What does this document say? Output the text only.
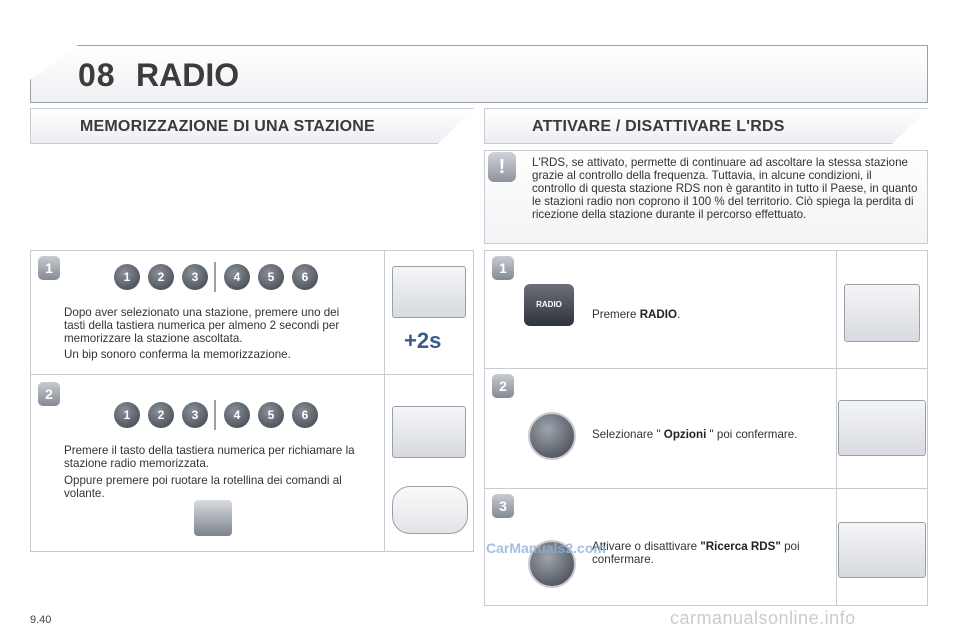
08 RADIO
MEMORIZZAZIONE DI UNA STAZIONE	ATTIVARE / DISATTIVARE L'RDS
!	L'RDS, se attivato, permette di continuare ad ascoltare la stessa stazione grazie al controllo della frequenza. Tuttavia, in alcune condizioni, il controllo di questa stazione RDS non è garantito in tutto il Paese, in quanto le stazioni radio non coprono il 100 % del territorio. Ciò spiega la perdita di ricezione della stazione durante il percorso effettuato.
1
1	2	3	4	5	6
Dopo aver selezionato una stazione, premere uno dei tasti della tastiera numerica per almeno 2 secondi per memorizzare la stazione ascoltata.
Un bip sonoro conferma la memorizzazione.
+2s
2
1	2	3	4	5	6
Premere il tasto della tastiera numerica per richiamare la stazione radio memorizzata.
Oppure premere poi ruotare la rotellina dei comandi al volante.
1
RADIO
Premere RADIO.
2
Selezionare " Opzioni " poi confermare.
3
Attivare o disattivare "Ricerca RDS" poi confermare.
9.40
CarManuals2.com
carmanualsonline.info
